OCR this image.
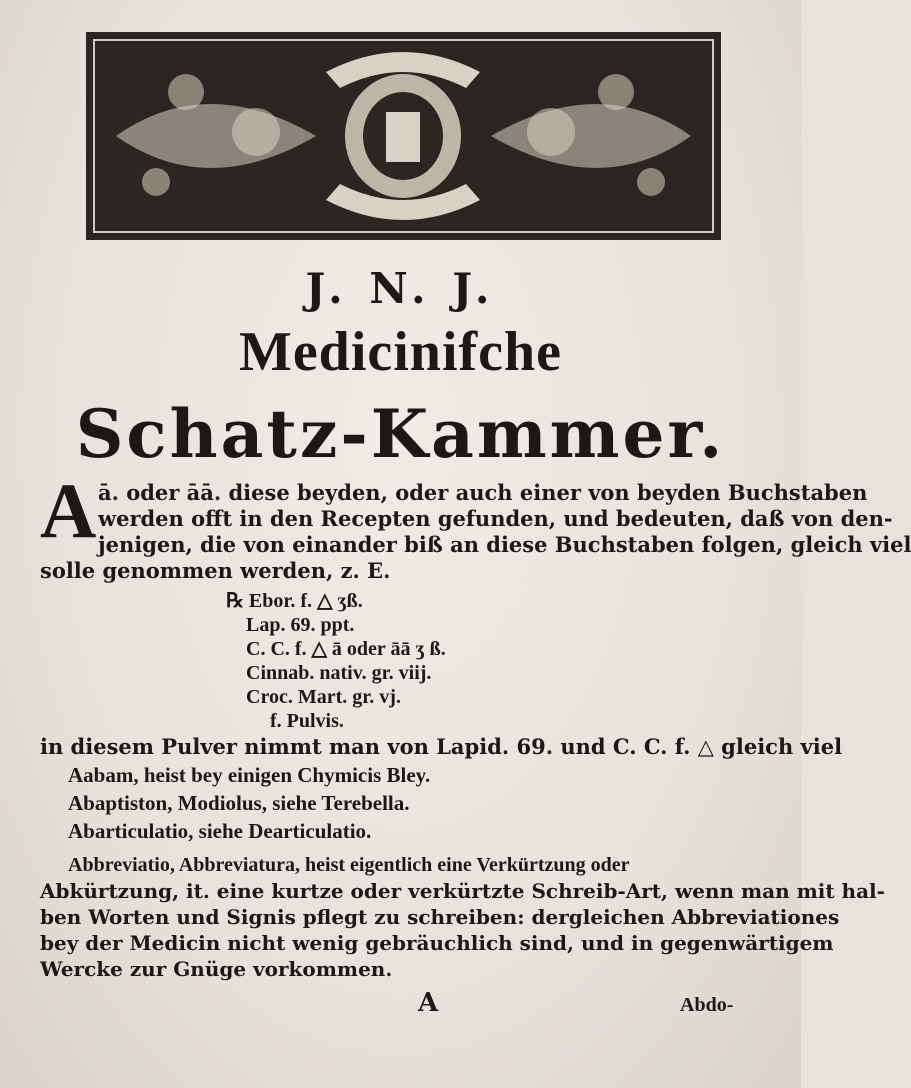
J. N. J.
Medicinifche
Schatz-Kammer.
A ā. oder āā. diese beyden, oder auch einer von beyden Buchstaben
werden offt in den Recepten gefunden, und bedeuten, daß von den-
jenigen, die von einander biß an diese Buchstaben folgen, gleich viel
solle genommen werden, z. E.
℞ Ebor. f. △ ʒß.
Lap. 69. ppt.
C. C. f. △ ā oder āā ʒ ß.
Cinnab. nativ. gr. viij.
Croc. Mart. gr. vj.
f. Pulvis.
in diesem Pulver nimmt man von Lapid. 69. und C. C. f. △ gleich viel
Aabam, heist bey einigen Chymicis Bley.
Abaptiston, Modiolus, siehe Terebella.
Abarticulatio, siehe Dearticulatio.
Abbreviatio, Abbreviatura, heist eigentlich eine Verkürtzung oder
Abkürtzung, it. eine kurtze oder verkürtzte Schreib-Art, wenn man mit hal-
ben Worten und Signis pflegt zu schreiben: dergleichen Abbreviationes
bey der Medicin nicht wenig gebräuchlich sind, und in gegenwärtigem
Wercke zur Gnüge vorkommen.
A	Abdo-
